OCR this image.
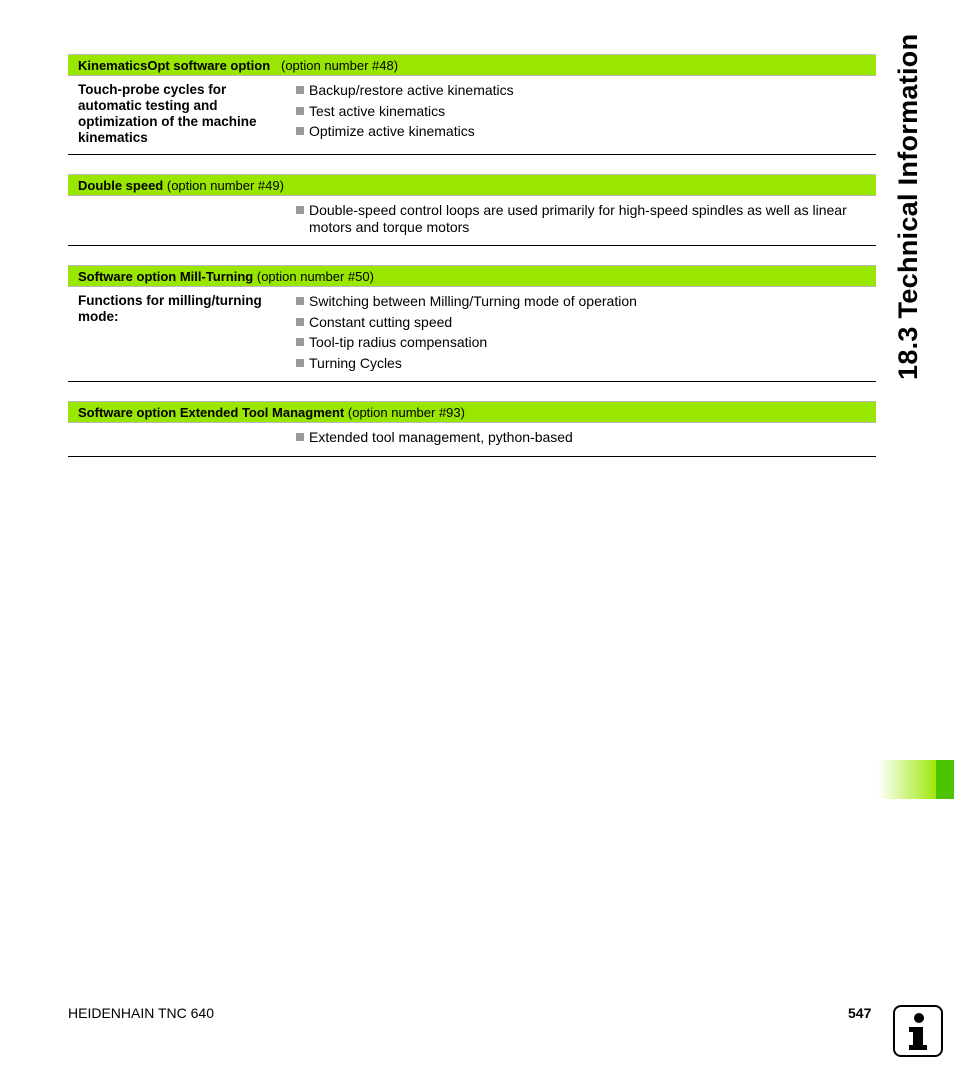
KinematicsOpt software option (option number #48)
Touch-probe cycles for automatic testing and optimization of the machine kinematics
Backup/restore active kinematics
Test active kinematics
Optimize active kinematics
Double speed (option number #49)
Double-speed control loops are used primarily for high-speed spindles as well as linear motors and torque motors
Software option Mill-Turning (option number #50)
Functions for milling/turning mode:
Switching between Milling/Turning mode of operation
Constant cutting speed
Tool-tip radius compensation
Turning Cycles
Software option Extended Tool Managment (option number #93)
Extended tool management, python-based
18.3 Technical Information
HEIDENHAIN TNC 640	547
